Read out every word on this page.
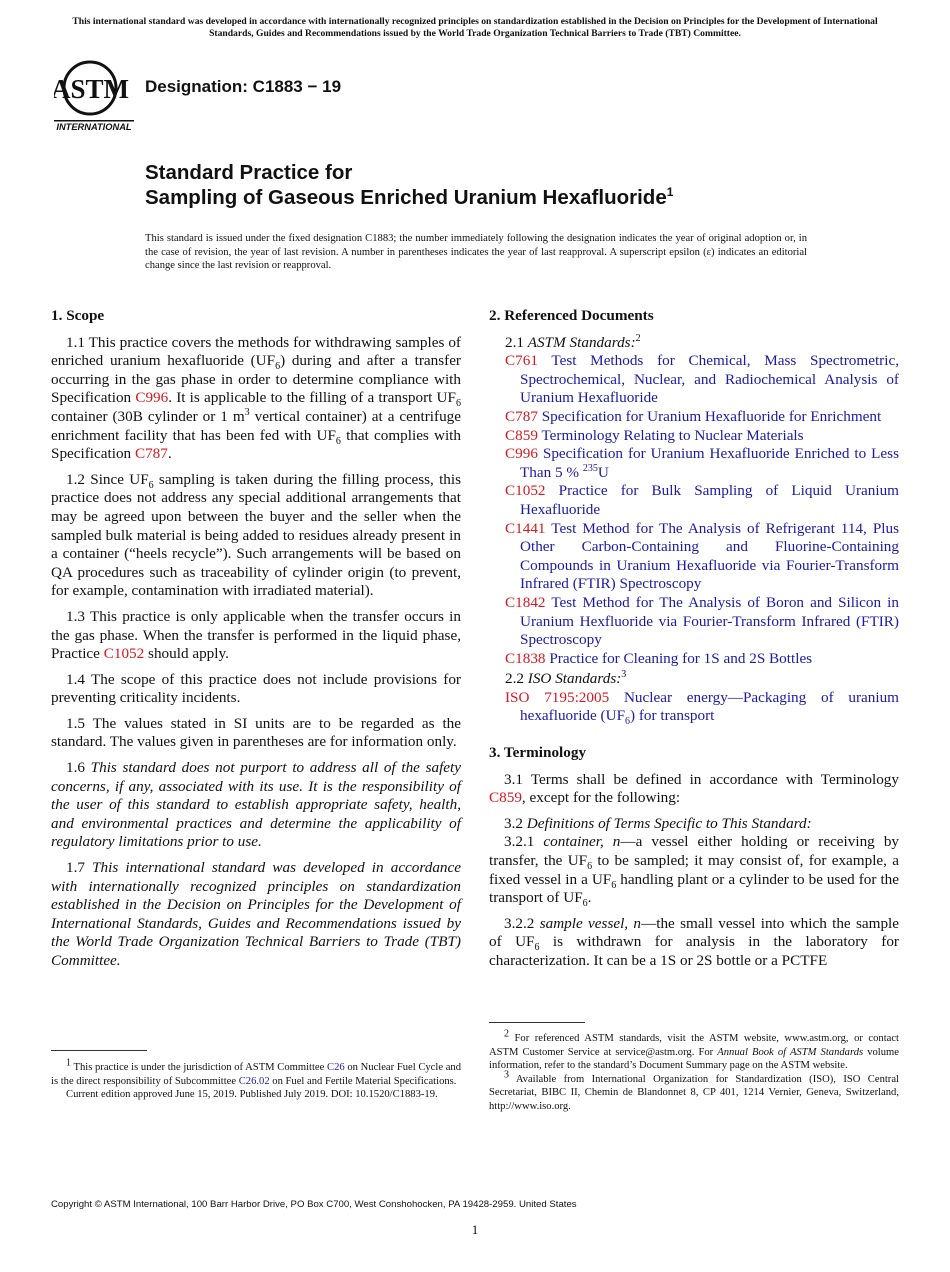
This international standard was developed in accordance with internationally recognized principles on standardization established in the Decision on Principles for the Development of International Standards, Guides and Recommendations issued by the World Trade Organization Technical Barriers to Trade (TBT) Committee.
ASTM
INTERNATIONAL
Designation: C1883 − 19
Standard Practice for
Sampling of Gaseous Enriched Uranium Hexafluoride$^1$
This standard is issued under the fixed designation C1883; the number immediately following the designation indicates the year of original adoption or, in the case of revision, the year of last revision. A number in parentheses indicates the year of last reapproval. A superscript epsilon (ε) indicates an editorial change since the last revision or reapproval.
1. Scope

1.1 This practice covers the methods for withdrawing samples of enriched uranium hexafluoride $(UF_6)$ during and after a transfer occurring in the gas phase in order to determine compliance with Specification C996. It is applicable to the filling of a transport $UF_6$ container (30B cylinder or 1 $m^3$ vertical container) at a centrifuge enrichment facility that has been fed with $UF_6$ that complies with Specification C787.

1.2 Since $UF_6$ sampling is taken during the filling process, this practice does not address any special additional arrangements that may be agreed upon between the buyer and the seller when the sampled bulk material is being added to residues already present in a container (“heels recycle”). Such arrangements will be based on QA procedures such as traceability of cylinder origin (to prevent, for example, contamination with irradiated material).

1.3 This practice is only applicable when the transfer occurs in the gas phase. When the transfer is performed in the liquid phase, Practice C1052 should apply.

1.4 The scope of this practice does not include provisions for preventing criticality incidents.

1.5 The values stated in SI units are to be regarded as the standard. The values given in parentheses are for information only.

1.6 This standard does not purport to address all of the safety concerns, if any, associated with its use. It is the responsibility of the user of this standard to establish appropriate safety, health, and environmental practices and determine the applicability of regulatory limitations prior to use.

1.7 This international standard was developed in accordance with internationally recognized principles on standardization established in the Decision on Principles for the Development of International Standards, Guides and Recommendations issued by the World Trade Organization Technical Barriers to Trade (TBT) Committee.

2. Referenced Documents

2.1 ASTM Standards:$^2$

C761 Test Methods for Chemical, Mass Spectrometric, Spectrochemical, Nuclear, and Radiochemical Analysis of Uranium Hexafluoride

C787 Specification for Uranium Hexafluoride for Enrichment

C859 Terminology Relating to Nuclear Materials

C996 Specification for Uranium Hexafluoride Enriched to Less Than 5 % $^{235}$U

C1052 Practice for Bulk Sampling of Liquid Uranium Hexafluoride

C1441 Test Method for The Analysis of Refrigerant 114, Plus Other Carbon-Containing and Fluorine-Containing Compounds in Uranium Hexafluoride via Fourier-Transform Infrared (FTIR) Spectroscopy

C1842 Test Method for The Analysis of Boron and Silicon in Uranium Hexfluoride via Fourier-Transform Infrared (FTIR) Spectroscopy

C1838 Practice for Cleaning for 1S and 2S Bottles

2.2 ISO Standards:$^3$

ISO 7195:2005 Nuclear energy—Packaging of uranium hexafluoride $(UF_6)$ for transport

3. Terminology

3.1 Terms shall be defined in accordance with Terminology C859, except for the following:

3.2 Definitions of Terms Specific to This Standard:

3.2.1 container, n—a vessel either holding or receiving by transfer, the $UF_6$ to be sampled; it may consist of, for example, a fixed vessel in a $UF_6$ handling plant or a cylinder to be used for the transport of $UF_6$.

3.2.2 sample vessel, n—the small vessel into which the sample of $UF_6$ is withdrawn for analysis in the laboratory for characterization. It can be a 1S or 2S bottle or a PCTFE

$^1$ This practice is under the jurisdiction of ASTM Committee C26 on Nuclear Fuel Cycle and is the direct responsibility of Subcommittee C26.02 on Fuel and Fertile Material Specifications.

Current edition approved June 15, 2019. Published July 2019. DOI: 10.1520/C1883-19.

$^2$ For referenced ASTM standards, visit the ASTM website, www.astm.org, or contact ASTM Customer Service at service@astm.org. For Annual Book of ASTM Standards volume information, refer to the standard’s Document Summary page on the ASTM website.

$^3$ Available from International Organization for Standardization (ISO), ISO Central Secretariat, BIBC II, Chemin de Blandonnet 8, CP 401, 1214 Vernier, Geneva, Switzerland, http://www.iso.org.

Copyright © ASTM International, 100 Barr Harbor Drive, PO Box C700, West Conshohocken, PA 19428-2959. United States
1
